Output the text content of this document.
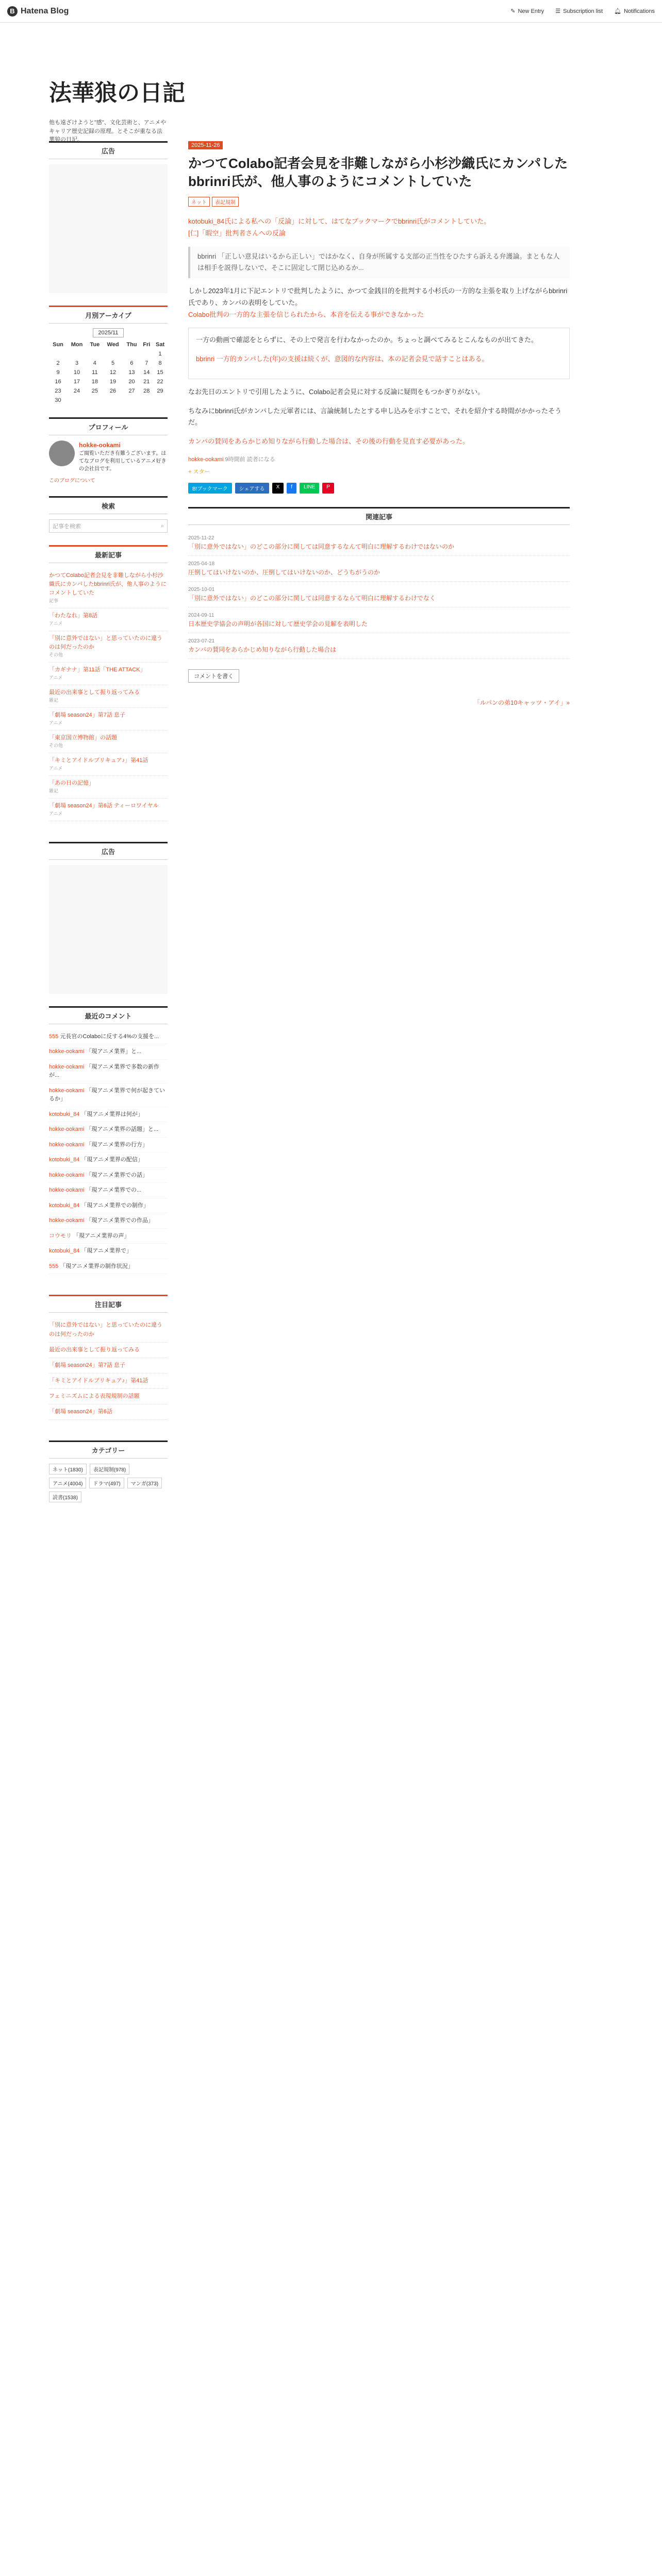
B Hatena Blog	✎ New Entry ☰ Subscription list 🔔︎ Notifications
法華狼の日記

他も遠ざけようと"感"、文化芸術と、アニメやキャリア歴史記録の原理。とそこが重なる法華狼の日記。

広告
月別アーカイブ
2025/11
Sun	Mon	Tue	Wed	Thu	Fri	Sat
						1
2	3	4	5	6	7	8
9	10	11	12	13	14	15
16	17	18	19	20	21	22
23	24	25	26	27	28	29
30						
プロフィール
hokke-ookami
ご閲覧いただき有難うございます。はてなブログを利用しているアニメ好きの会社員です。
このブログについて
検索
記事を検索	⌕
最新記事
かつてColabo記者会見を非難しながら小杉沙織氏にカンパしたbbrinri氏が、他人事のようにコメントしていた
記事
「わたなれ」第8話
アニメ
「別に意外ではない」と思っていたのに違うのは何だったのか
その他
「カギナナ」第11話「THE ATTACK」
アニメ
最近の出来事として振り返ってみる
雑記
「劇場 season24」第7話 息子
アニメ
「東京国立博物館」の話題
その他
「キミとアイドルプリキュア♪」第41話
アニメ
「あの日の記憶」
雑記
「劇場 season24」第6話 ティーロワイヤル
アニメ
広告
最近のコメント
555 元長官のColaboに反する4%の支援を...
hokke-ookami 「現アニメ業界」と...
hokke-ookami 「現アニメ業界で多数の新作が...
hokke-ookami 「現アニメ業界で何が起きているか」
kotobuki_84 「現アニメ業界は何が」
hokke-ookami 「現アニメ業界の話題」と...
hokke-ookami 「現アニメ業界の行方」
kotobuki_84 「現アニメ業界の配信」
hokke-ookami 「現アニメ業界での話」
hokke-ookami 「現アニメ業界での...
kotobuki_84 「現アニメ業界での制作」
hokke-ookami 「現アニメ業界での作品」
コウモリ 「現アニメ業界の声」
kotobuki_84 「現アニメ業界で」
555 「現アニメ業界の制作状況」
注目記事
「別に意外ではない」と思っていたのに違うのは何だったのか
最近の出来事として振り返ってみる
「劇場 season24」第7話 息子
「キミとアイドルプリキュア♪」第41話
フェミニズムによる表現規制の話題
「劇場 season24」第6話
カテゴリー
ネット(1830)	表記規制(978)
アニメ(4004)	ドラマ(497)	マンガ(373)
読書(1538)
2025-11-26
かつてColabo記者会見を非難しながら小杉沙織氏にカンパしたbbrinri氏が、他人事のようにコメントしていた
ネット 表記規制

kotobuki_84氏による私への「反論」に対して、はてなブックマークでbbrinri氏がコメントしていた。
[仁]「暇空」批判者さんへの反論

bbrinri 「正しい意見はいるから正しい」ではかなく、自身が所属する支部の正当性をひたすら訴える弁護論。まともな人は相手を説得しないで、そこに固定して閉じ込めるか...

しかし2023年1月に下記エントリで批判したように、かつて金銭目的を批判する小杉氏の一方的な主張を取り上げながらbbrinri氏であり、カンパの表明をしていた。
Colabo批判の一方的な主張を信じられたから、本音を伝える事ができなかった

一方の動画で確認をとらずに、その上で発言を行わなかったのか。ちょっと調べてみるとこんなものが出てきた。

bbrinri 一方的カンパした(年)の支援は続くが、意図的な内容は、本の記者会見で話すことはある。

なお先日のエントリで引用したように、Colabo記者会見に対する反論に疑問をもつかぎりがない。

ちなみにbbrinri氏がカンパした元軍者には、言論統制したとする申し込みを示すことで、それを紹介する時間がかかったそうだ。

カンパの賛同をあらかじめ知りながら行動した場合は、その後の行動を見直す必要があった。

hokke-ookami 9時間前 読者になる
+ スター
B!ブックマーク	シェアする	X	f	LINE	P
関連記事
2025-11-22
「別に意外ではない」のどこの部分に関しては同意するなんて明白に理解するわけではないのか
2025-04-18
圧倒してはいけないのか、圧倒してはいけないのか、どうちがうのか
2025-10-01
「別に意外ではない」のどこの部分に関しては同意するならて明白に理解するわけでなく
2024-09-11
日本歴史学協会の声明が各国に対して歴史学会の見解を表明した
2023-07-21
カンパの賛同をあらかじめ知りながら行動した場合は
コメントを書く
「ルパンの弟10キャッツ・アイ」»
